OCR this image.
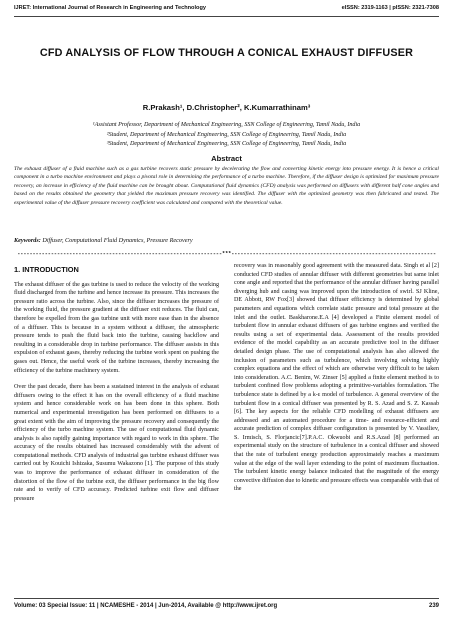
IJRET: International Journal of Research in Engineering and Technology	eISSN: 2319-1163 | pISSN: 2321-7308
CFD ANALYSIS OF FLOW THROUGH A CONICAL EXHAUST DIFFUSER
R.Prakash¹, D.Christopher², K.Kumarrathinam³
¹Assistant Professor, Department of Mechanical Engineering, SSN College of Engineering, Tamil Nadu, India
²Student, Department of Mechanical Engineering, SSN College of Engineering, Tamil Nadu, India
³Student, Department of Mechanical Engineering, SSN College of Engineering, Tamil Nadu, India
Abstract
The exhaust diffuser of a fluid machine such as a gas turbine recovers static pressure by decelerating the flow and converting kinetic energy into pressure energy. It is hence a critical component in a turbo machine environment and plays a pivotal role in determining the performance of a turbo machine. Therefore, if the diffuser design is optimized for maximum pressure recovery, an increase in efficiency of the fluid machine can be brought about. Computational fluid dynamics (CFD) analysis was performed on diffusers with different half cone angles and based on the results obtained the geometry that yielded the maximum pressure recovery was identified. The diffuser with the optimized geometry was then fabricated and tested. The experimental value of the diffuser pressure recovery coefficient was calculated and compared with the theoretical value.
Keywords: Diffuser, Computational Fluid Dynamics, Pressure Recovery
-------------------------------------------------------------------***-------------------------------------------------------------------
1. INTRODUCTION

The exhaust diffuser of the gas turbine is used to reduce the velocity of the working fluid discharged from the turbine and hence increase its pressure. This increases the pressure ratio across the turbine. Also, since the diffuser increases the pressure of the working fluid, the pressure gradient at the diffuser exit reduces. The fluid can, therefore be expelled from the gas turbine unit with more ease than in the absence of a diffuser. This is because in a system without a diffuser, the atmospheric pressure tends to push the fluid back into the turbine, causing backflow and resulting in a considerable drop in turbine performance. The diffuser assists in this expulsion of exhaust gases, thereby reducing the turbine work spent on pushing the gases out. Hence, the useful work of the turbine increases, thereby increasing the efficiency of the turbine machinery system.

Over the past decade, there has been a sustained interest in the analysis of exhaust diffusers owing to the effect it has on the overall efficiency of a fluid machine system and hence considerable work on has been done in this sphere. Both numerical and experimental investigation has been performed on diffusers to a great extent with the aim of improving the pressure recovery and consequently the efficiency of the turbo machine system. The use of computational fluid dynamic analysis is also rapidly gaining importance with regard to work in this sphere. The accuracy of the results obtained has increased considerably with the advent of computational methods. CFD analysis of industrial gas turbine exhaust diffuser was carried out by Kouichi Ishizaka, Susumu Wakazono [1]. The purpose of this study was to improve the performance of exhaust diffuser in consideration of the distortion of the flow of the turbine exit, the diffuser performance in the big flow rate and to verify of CFD accuracy. Predicted turbine exit flow and diffuser pressure

recovery was in reasonably good agreement with the measured data. Singh et al [2] conducted CFD studies of annular diffuser with different geometries but same inlet cone angle and reported that the performance of the annular diffuser having parallel diverging hub and casing was improved upon the introduction of swirl. SJ Kline, DE Abbott, RW Fox[3] showed that diffuser efficiency is determined by global parameters and equations which correlate static pressure and total pressure at the inlet and the outlet. Baskharone.E.A [4] developed a Finite element model of turbulent flow in annular exhaust diffusers of gas turbine engines and verified the results using a set of experimental data. Assessment of the results provided evidence of the model capability as an accurate predictive tool in the diffuser detailed design phase. The use of computational analysis has also allowed the inclusion of parameters such as turbulence, which involving solving highly complex equations and the effect of which are otherwise very difficult to be taken into consideration. A.C. Benim, W. Zinser [5] applied a finite element method is to turbulent confined flow problems adopting a primitive-variables formulation. The turbulence state is defined by a k-ε model of turbulence. A general overview of the turbulent flow in a conical diffuser was presented by R. S. Azad and S. Z. Kassab [6]. The key aspects for the reliable CFD modelling of exhaust diffusers are addressed and an automated procedure for a time- and resource-efficient and accurate prediction of complex diffuser configuration is presented by V. Vassiliev, S. Irmisch, S. Florjancic[7].P.A.C. Okwuobi and R.S.Azad [8] performed an experimental study on the structure of turbulence in a conical diffuser and showed that the rate of turbulent energy production approximately reaches a maximum value at the edge of the wall layer extending to the point of maximum fluctuation. The turbulent kinetic energy balance indicated that the magnitude of the energy convective diffusion due to kinetic and pressure effects was comparable with that of the

Volume: 03 Special Issue: 11 | NCAMESHE - 2014 | Jun-2014, Available @ http://www.ijret.org	239
